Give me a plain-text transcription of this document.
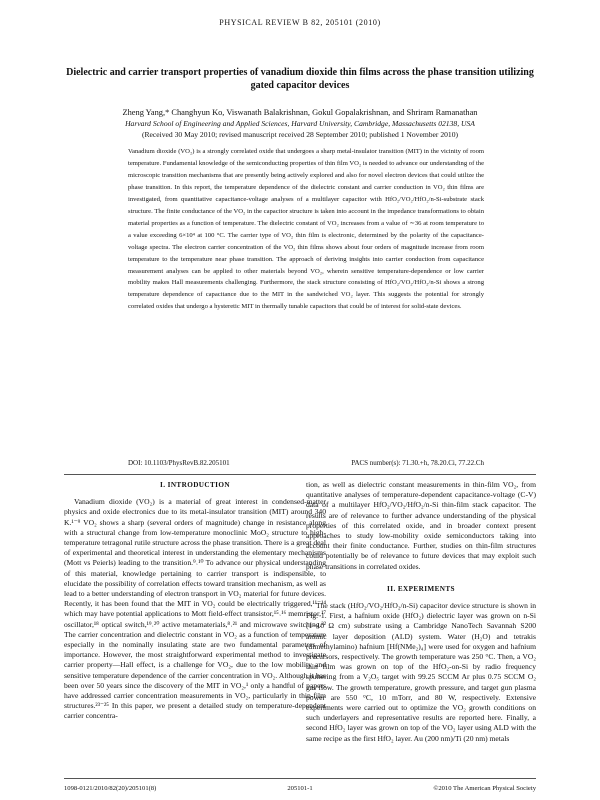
PHYSICAL REVIEW B 82, 205101 (2010)
Dielectric and carrier transport properties of vanadium dioxide thin films across the phase transition utilizing gated capacitor devices
Zheng Yang,* Changhyun Ko, Viswanath Balakrishnan, Gokul Gopalakrishnan, and Shriram Ramanathan
Harvard School of Engineering and Applied Sciences, Harvard University, Cambridge, Massachusetts 02138, USA
(Received 30 May 2010; revised manuscript received 28 September 2010; published 1 November 2010)
Vanadium dioxide (VO₂) is a strongly correlated oxide that undergoes a sharp metal-insulator transition (MIT) in the vicinity of room temperature. Fundamental knowledge of the semiconducting properties of thin film VO₂ is needed to advance our understanding of the microscopic transition mechanisms that are presently being actively explored and also for novel electron devices that could utilize the phase transition. In this report, the temperature dependence of the dielectric constant and carrier conduction in VO₂ thin films are investigated, from quantitative capacitance-voltage analyses of a multilayer capacitor with HfO₂/VO₂/HfO₂/n-Si-substrate stack structure. The finite conductance of the VO₂ in the capacitor structure is taken into account in the impedance transformations to obtain material properties as a function of temperature. The dielectric constant of VO₂ increases from a value of ∼36 at room temperature to a value exceeding 6×10⁴ at 100 °C. The carrier type of VO₂ thin film is electronic, determined by the polarity of the capacitance-voltage spectra. The electron carrier concentration of the VO₂ thin films shows about four orders of magnitude increase from room temperature to the temperature near phase transition. The approach of deriving insights into carrier conduction from capacitance measurement analyses can be applied to other materials beyond VO₂, wherein sensitive temperature-dependence or low carrier mobility makes Hall measurements challenging. Furthermore, the stack structure consisting of HfO₂/VO₂/HfO₂/n-Si shows a strong temperature dependence of capacitance due to the MIT in the sandwiched VO₂ layer. This suggests the potential for strongly correlated oxides that undergo a hysteretic MIT in thermally tunable capacitors that could be of interest for solid-state devices.
DOI: 10.1103/PhysRevB.82.205101	PACS number(s): 71.30.+h, 78.20.Ci, 77.22.Ch
I. INTRODUCTION

Vanadium dioxide (VO₂) is a material of great interest in condensed-matter physics and oxide electronics due to its metal-insulator transition (MIT) around 340 K.¹⁻⁹ VO₂ shows a sharp (several orders of magnitude) change in resistance along with a structural change from low-temperature monoclinic MoO₂ structure to high-temperature tetragonal rutile structure across the phase transition. There is a great deal of experimental and theoretical interest in understanding the elementary mechanisms (Mott vs Peierls) leading to the transition.⁹˒¹⁰ To advance our physical understanding of this material, knowledge pertaining to carrier transport is indispensible, to elucidate the possibility of correlation effects toward transition mechanism, as well as lead to a better understanding of electron transport in VO₂ material for future devices. Recently, it has been found that the MIT in VO₂ could be electrically triggered,¹¹⁻¹⁴ which may have potential applications to Mott field-effect transistor,¹⁵˒¹⁶ memristor,¹⁷ oscillator,¹⁸ optical switch,¹⁹˒²⁰ active metamaterials,⁸˒²¹ and microwave switching.²² The carrier concentration and dielectric constant in VO₂ as a function of temperature especially in the nominally insulating state are two fundamental parameters of importance. However, the most straightforward experimental method to investigate carrier property—Hall effect, is a challenge for VO₂, due to the low mobility and sensitive temperature dependence of the carrier concentration in VO₂. Although it has been over 50 years since the discovery of the MIT in VO₂,¹ only a handful of papers have addressed carrier concentration measurements in VO₂, particularly in thin-film structures.²³⁻²⁵ In this paper, we present a detailed study on temperature-dependent carrier concentra-

tion, as well as dielectric constant measurements in thin-film VO₂, from quantitative analyses of temperature-dependent capacitance-voltage (C-V) data of a multilayer HfO₂/VO₂/HfO₂/n-Si thin-film stack capacitor. The results are of relevance to further advance understanding of the physical properties of this correlated oxide, and in broader context present approaches to study low-mobility oxide semiconductors taking into account their finite conductance. Further, studies on thin-film structures could potentially be of relevance to future devices that may exploit such phase transitions in correlated oxides.

II. EXPERIMENTS

The stack (HfO₂/VO₂/HfO₂/n-Si) capacitor device structure is shown in Fig. 1. First, a hafnium oxide (HfO₂) dielectric layer was grown on n-Si (1−10 Ω cm) substrate using a Cambridge NanoTech Savannah S200 atomic layer deposition (ALD) system. Water (H₂O) and tetrakis (dimethylamino) hafnium [Hf(NMe₂)₄] were used for oxygen and hafnium precursors, respectively. The growth temperature was 250 °C. Then, a VO₂ thin film was grown on top of the HfO₂-on-Si by radio frequency sputtering from a V₂O₅ target with 99.25 SCCM Ar plus 0.75 SCCM O₂ gas flow. The growth temperature, growth pressure, and target gun plasma power are 550 °C, 10 mTorr, and 80 W, respectively. Extensive experiments were carried out to optimize the VO₂ growth conditions on such underlayers and representative results are reported here. Finally, a second HfO₂ layer was grown on top of the VO₂ layer using ALD with the same recipe as the first HfO₂ layer. Au (200 nm)/Ti (20 nm) metals

1098-0121/2010/82(20)/205101(8)	205101-1	©2010 The American Physical Society
